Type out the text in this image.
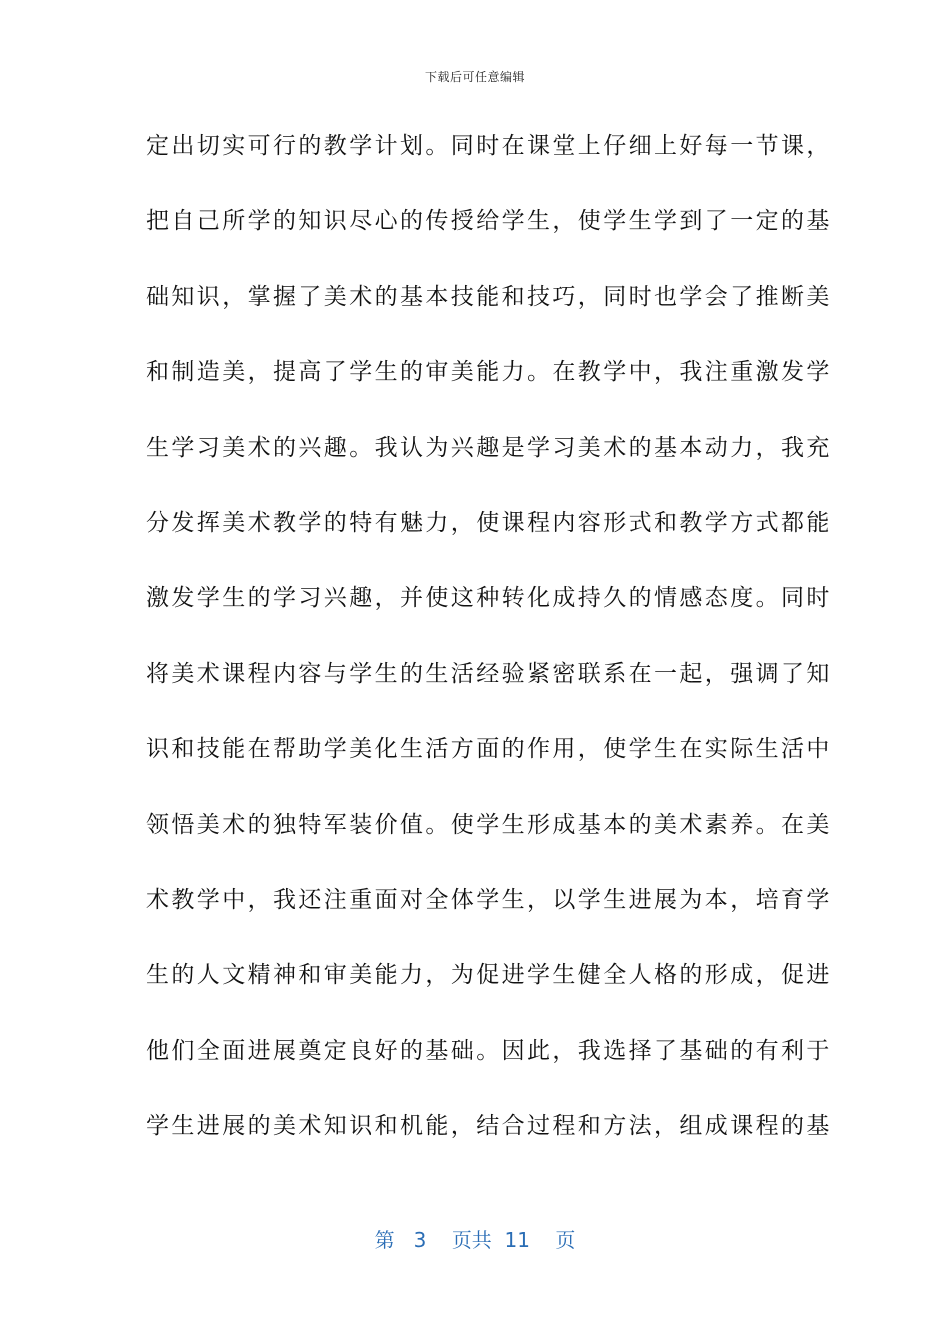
下载后可任意编辑
定出切实可行的教学计划。同时在课堂上仔细上好每一节课，
把自己所学的知识尽心的传授给学生，使学生学到了一定的基
础知识，掌握了美术的基本技能和技巧，同时也学会了推断美
和制造美，提高了学生的审美能力。在教学中，我注重激发学
生学习美术的兴趣。我认为兴趣是学习美术的基本动力，我充
分发挥美术教学的特有魅力，使课程内容形式和教学方式都能
激发学生的学习兴趣，并使这种转化成持久的情感态度。同时
将美术课程内容与学生的生活经验紧密联系在一起，强调了知
识和技能在帮助学美化生活方面的作用，使学生在实际生活中
领悟美术的独特军装价值。使学生形成基本的美术素养。在美
术教学中，我还注重面对全体学生，以学生进展为本，培育学
生的人文精神和审美能力，为促进学生健全人格的形成，促进
他们全面进展奠定良好的基础。因此，我选择了基础的有利于
学生进展的美术知识和机能，结合过程和方法，组成课程的基
第 3 页共 11 页
